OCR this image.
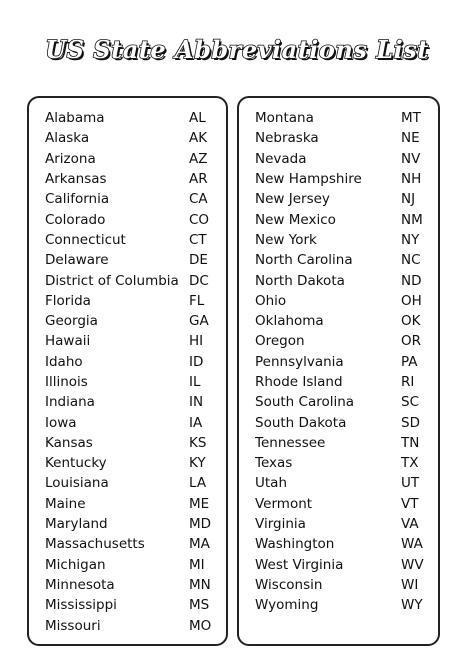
US State Abbreviations List
Alabama	AL
Alaska	AK
Arizona	AZ
Arkansas	AR
California	CA
Colorado	CO
Connecticut	CT
Delaware	DE
District of Columbia DC
Florida	FL
Georgia	GA
Hawaii	HI
Idaho	ID
Illinois	IL
Indiana	IN
Iowa	IA
Kansas	KS
Kentucky	KY
Louisiana	LA
Maine	ME
Maryland	MD
Massachusetts	MA
Michigan	MI
Minnesota	MN
Mississippi	MS
Missouri	MO
Montana	MT
Nebraska	NE
Nevada	NV
New Hampshire	NH
New Jersey	NJ
New Mexico	NM
New York	NY
North Carolina	NC
North Dakota	ND
Ohio	OH
Oklahoma	OK
Oregon	OR
Pennsylvania	PA
Rhode Island	RI
South Carolina	SC
South Dakota	SD
Tennessee	TN
Texas	TX
Utah	UT
Vermont	VT
Virginia	VA
Washington	WA
West Virginia	WV
Wisconsin	WI
Wyoming	WY
